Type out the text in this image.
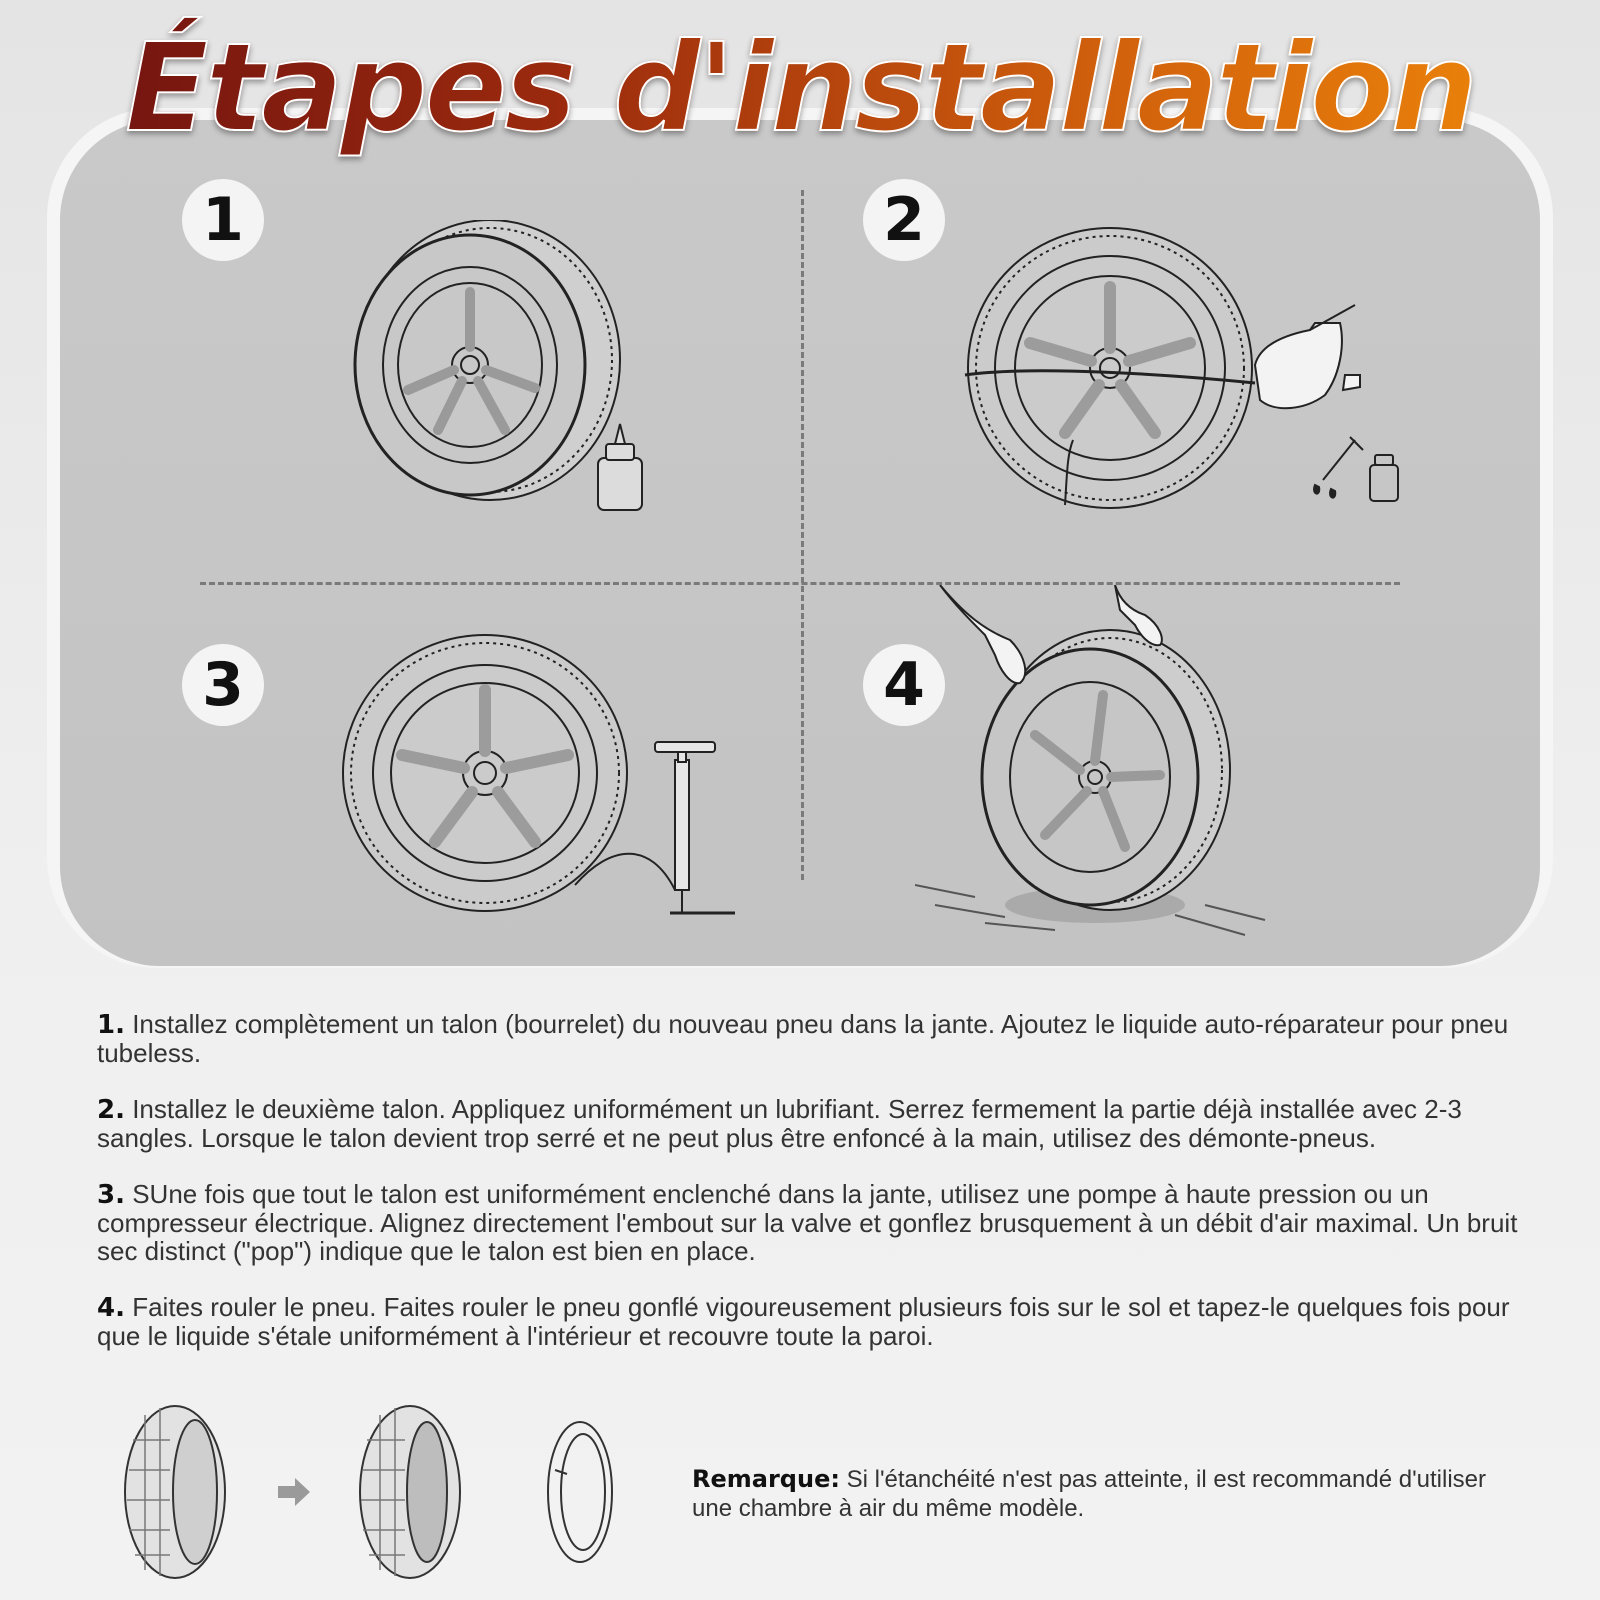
Étapes d'installation
1	2
3	4

1. Installez complètement un talon (bourrelet) du nouveau pneu dans la jante. Ajoutez le liquide auto-réparateur pour pneu tubeless.

2. Installez le deuxième talon. Appliquez uniformément un lubrifiant. Serrez fermement la partie déjà installée avec 2-3 sangles. Lorsque le talon devient trop serré et ne peut plus être enfoncé à la main, utilisez des démonte-pneus.

3. SUne fois que tout le talon est uniformément enclenché dans la jante, utilisez une pompe à haute pression ou un compresseur électrique. Alignez directement l'embout sur la valve et gonflez brusquement à un débit d'air maximal. Un bruit sec distinct ("pop") indique que le talon est bien en place.

4. Faites rouler le pneu. Faites rouler le pneu gonflé vigoureusement plusieurs fois sur le sol et tapez-le quelques fois pour que le liquide s'étale uniformément à l'intérieur et recouvre toute la paroi.

Remarque: Si l'étanchéité n'est pas atteinte, il est recommandé d'utiliser une chambre à air du même modèle.
